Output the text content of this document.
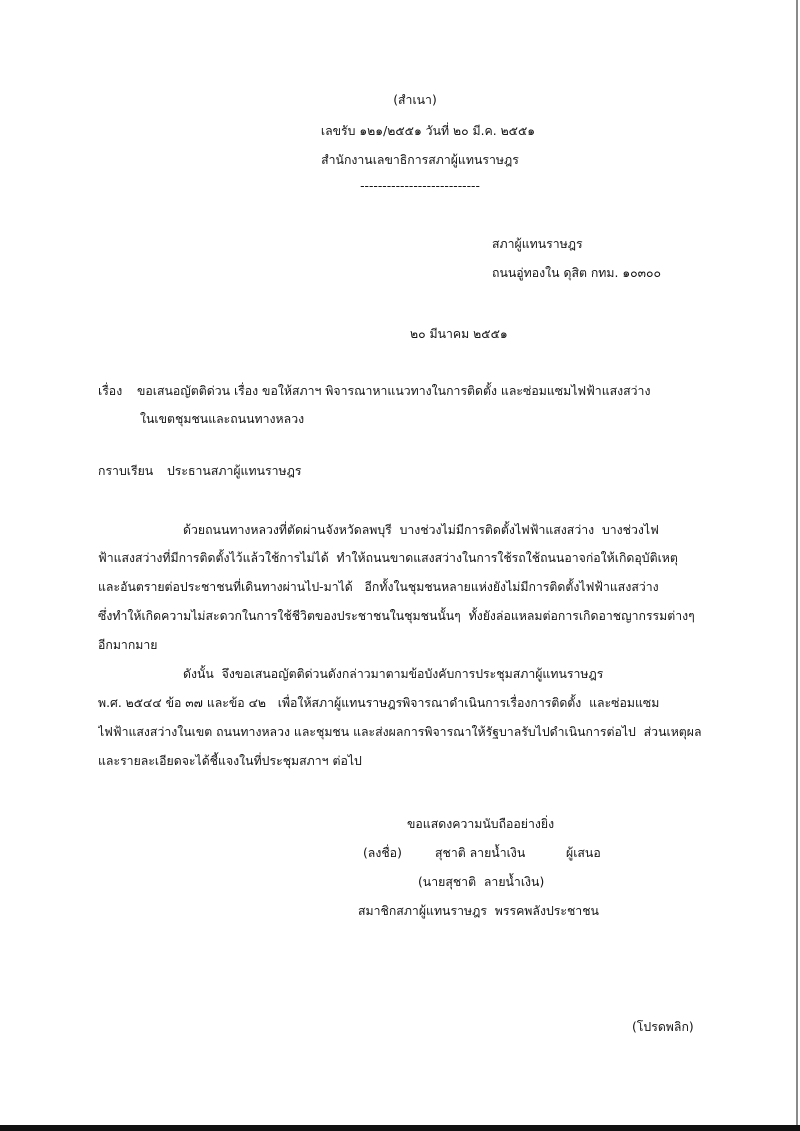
(สำเนา)
เลขรับ ๑๒๑/๒๕๕๑ วันที่ ๒๐ มี.ค. ๒๕๕๑
สำนักงานเลขาธิการสภาผู้แทนราษฎร
---------------------------
สภาผู้แทนราษฎร
ถนนอู่ทองใน ดุสิต กทม. ๑๐๓๐๐
๒๐ มีนาคม ๒๕๕๑
เรื่อง	ขอเสนอญัตติด่วน เรื่อง ขอให้สภาฯ พิจารณาหาแนวทางในการติดตั้ง และซ่อมแซมไฟฟ้าแสงสว่าง
ในเขตชุมชนและถนนทางหลวง
กราบเรียน	ประธานสภาผู้แทนราษฎร
ด้วยถนนทางหลวงที่ตัดผ่านจังหวัดลพบุรี  บางช่วงไม่มีการติดตั้งไฟฟ้าแสงสว่าง  บางช่วงไฟ
ฟ้าแสงสว่างที่มีการติดตั้งไว้แล้วใช้การไม่ได้  ทำให้ถนนขาดแสงสว่างในการใช้รถใช้ถนนอาจก่อให้เกิดอุบัติเหตุ
และอันตรายต่อประชาชนที่เดินทางผ่านไป-มาได้   อีกทั้งในชุมชนหลายแห่งยังไม่มีการติดตั้งไฟฟ้าแสงสว่าง
ซึ่งทำให้เกิดความไม่สะดวกในการใช้ชีวิตของประชาชนในชุมชนนั้นๆ  ทั้งยังล่อแหลมต่อการเกิดอาชญากรรมต่างๆ
อีกมากมาย
ดังนั้น  จึงขอเสนอญัตติด่วนดังกล่าวมาตามข้อบังคับการประชุมสภาผู้แทนราษฎร
พ.ศ. ๒๕๔๔ ข้อ ๓๗ และข้อ ๔๒   เพื่อให้สภาผู้แทนราษฎรพิจารณาดำเนินการเรื่องการติดตั้ง  และซ่อมแซม
ไฟฟ้าแสงสว่างในเขต ถนนทางหลวง และชุมชน และส่งผลการพิจารณาให้รัฐบาลรับไปดำเนินการต่อไป  ส่วนเหตุผล
และรายละเอียดจะได้ชี้แจงในที่ประชุมสภาฯ ต่อไป
ขอแสดงความนับถืออย่างยิ่ง
(ลงชื่อ)	สุชาติ ลายน้ำเงิน	ผู้เสนอ
(นายสุชาติ  ลายน้ำเงิน)
สมาชิกสภาผู้แทนราษฎร  พรรคพลังประชาชน
(โปรดพลิก)
